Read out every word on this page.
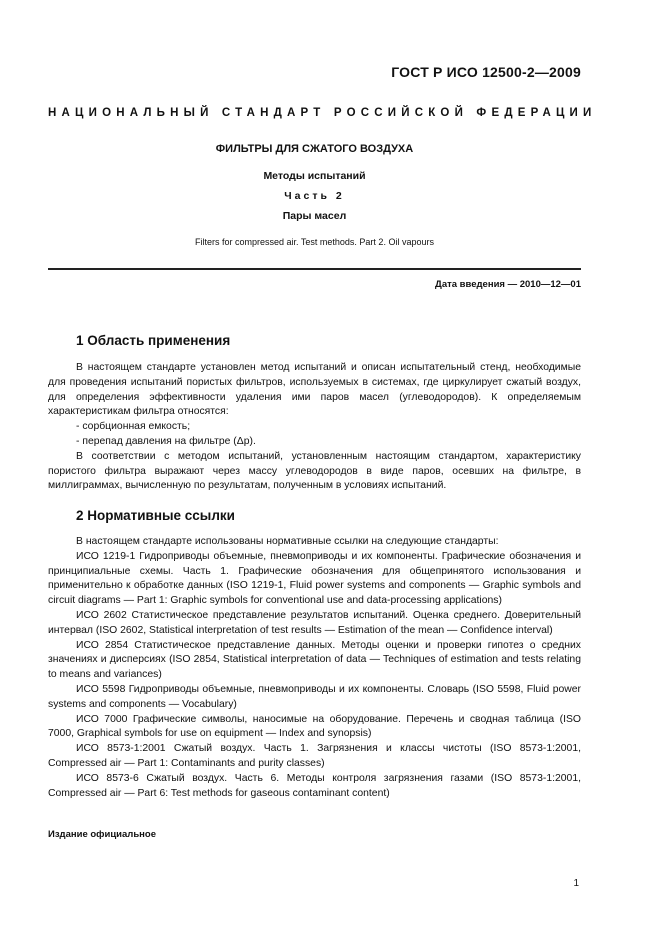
ГОСТ Р ИСО 12500-2—2009
НАЦИОНАЛЬНЫЙ СТАНДАРТ РОССИЙСКОЙ ФЕДЕРАЦИИ
ФИЛЬТРЫ ДЛЯ СЖАТОГО ВОЗДУХА
Методы испытаний
Часть 2
Пары масел
Filters for compressed air. Test methods. Part 2. Oil vapours
Дата введения — 2010—12—01
1 Область применения

В настоящем стандарте установлен метод испытаний и описан испытательный стенд, необходимые для проведения испытаний пористых фильтров, используемых в системах, где циркулирует сжатый воздух, для определения эффективности удаления ими паров масел (углеводородов). К определяемым характеристикам фильтра относятся:

- сорбционная емкость;

- перепад давления на фильтре (Δp).

В соответствии с методом испытаний, установленным настоящим стандартом, характеристику пористого фильтра выражают через массу углеводородов в виде паров, осевших на фильтре, в миллиграммах, вычисленную по результатам, полученным в условиях испытаний.

2 Нормативные ссылки

В настоящем стандарте использованы нормативные ссылки на следующие стандарты:

ИСО 1219-1 Гидроприводы объемные, пневмоприводы и их компоненты. Графические обозначения и принципиальные схемы. Часть 1. Графические обозначения для общепринятого использования и применительно к обработке данных (ISO 1219-1, Fluid power systems and components — Graphic symbols and circuit diagrams — Part 1: Graphic symbols for conventional use and data-processing applications)

ИСО 2602 Статистическое представление результатов испытаний. Оценка среднего. Доверительный интервал (ISO 2602, Statistical interpretation of test results — Estimation of the mean — Confidence interval)

ИСО 2854 Статистическое представление данных. Методы оценки и проверки гипотез о средних значениях и дисперсиях (ISO 2854, Statistical interpretation of data — Techniques of estimation and tests relating to means and variances)

ИСО 5598 Гидроприводы объемные, пневмоприводы и их компоненты. Словарь (ISO 5598, Fluid power systems and components — Vocabulary)

ИСО 7000 Графические символы, наносимые на оборудование. Перечень и сводная таблица (ISO 7000, Graphical symbols for use on equipment — Index and synopsis)

ИСО 8573-1:2001 Сжатый воздух. Часть 1. Загрязнения и классы чистоты (ISO 8573-1:2001, Compressed air — Part 1: Contaminants and purity classes)

ИСО 8573-6 Сжатый воздух. Часть 6. Методы контроля загрязнения газами (ISO 8573-1:2001, Compressed air — Part 6: Test methods for gaseous contaminant content)

Издание официальное
1
